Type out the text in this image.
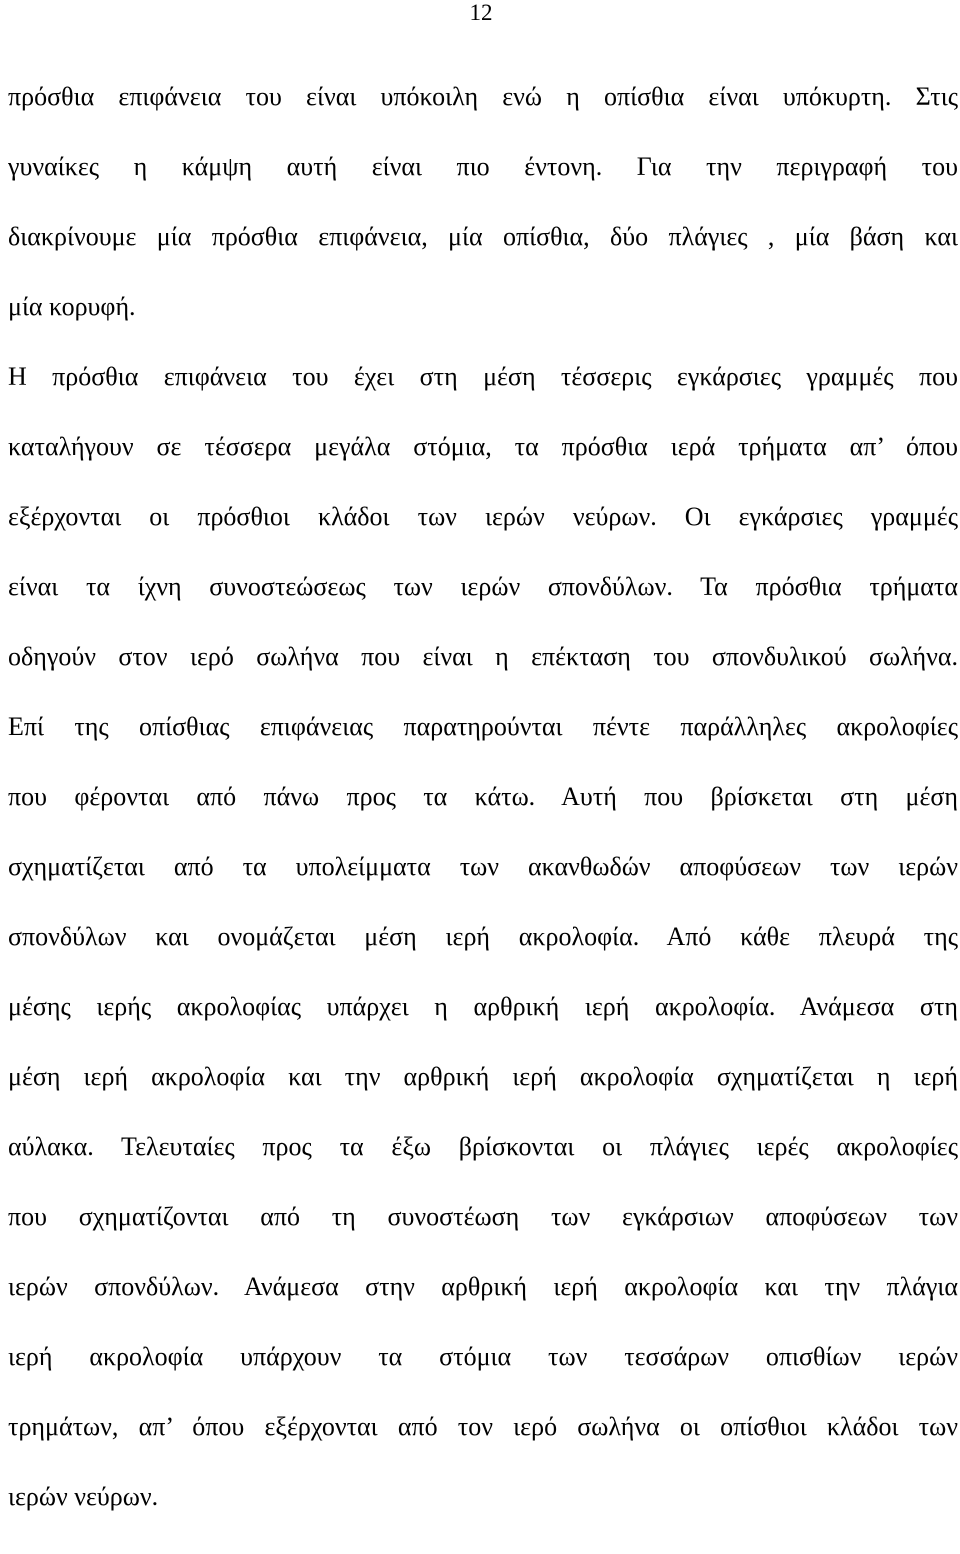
12
πρόσθια επιφάνεια του είναι υπόκοιλη ενώ η οπίσθια είναι υπόκυρτη. Στις
γυναίκες η κάμψη αυτή είναι πιο έντονη. Για την περιγραφή του
διακρίνουμε μία πρόσθια επιφάνεια, μία οπίσθια, δύο πλάγιες , μία βάση και
μία κορυφή.
Η πρόσθια επιφάνεια του έχει στη μέση τέσσερις εγκάρσιες γραμμές που
καταλήγουν σε τέσσερα μεγάλα στόμια, τα πρόσθια ιερά τρήματα απ’ όπου
εξέρχονται οι πρόσθιοι κλάδοι των ιερών νεύρων. Οι εγκάρσιες γραμμές
είναι τα ίχνη συνοστεώσεως των ιερών σπονδύλων. Τα πρόσθια τρήματα
οδηγούν στον ιερό σωλήνα που είναι η επέκταση του σπονδυλικού σωλήνα.
Επί της οπίσθιας επιφάνειας παρατηρούνται πέντε παράλληλες ακρολοφίες
που φέρονται από πάνω προς τα κάτω. Αυτή που βρίσκεται στη μέση
σχηματίζεται από τα υπολείμματα των ακανθωδών αποφύσεων των ιερών
σπονδύλων και ονομάζεται μέση ιερή ακρολοφία. Από κάθε πλευρά της
μέσης ιερής ακρολοφίας υπάρχει η αρθρική ιερή ακρολοφία. Ανάμεσα στη
μέση ιερή ακρολοφία και την αρθρική ιερή ακρολοφία σχηματίζεται η ιερή
αύλακα. Τελευταίες προς τα έξω βρίσκονται οι πλάγιες ιερές ακρολοφίες
που σχηματίζονται από τη συνοστέωση των εγκάρσιων αποφύσεων των
ιερών σπονδύλων. Ανάμεσα στην αρθρική ιερή ακρολοφία και την πλάγια
ιερή ακρολοφία υπάρχουν τα στόμια των τεσσάρων οπισθίων ιερών
τρημάτων, απ’ όπου εξέρχονται από τον ιερό σωλήνα οι οπίσθιοι κλάδοι των
ιερών νεύρων.
